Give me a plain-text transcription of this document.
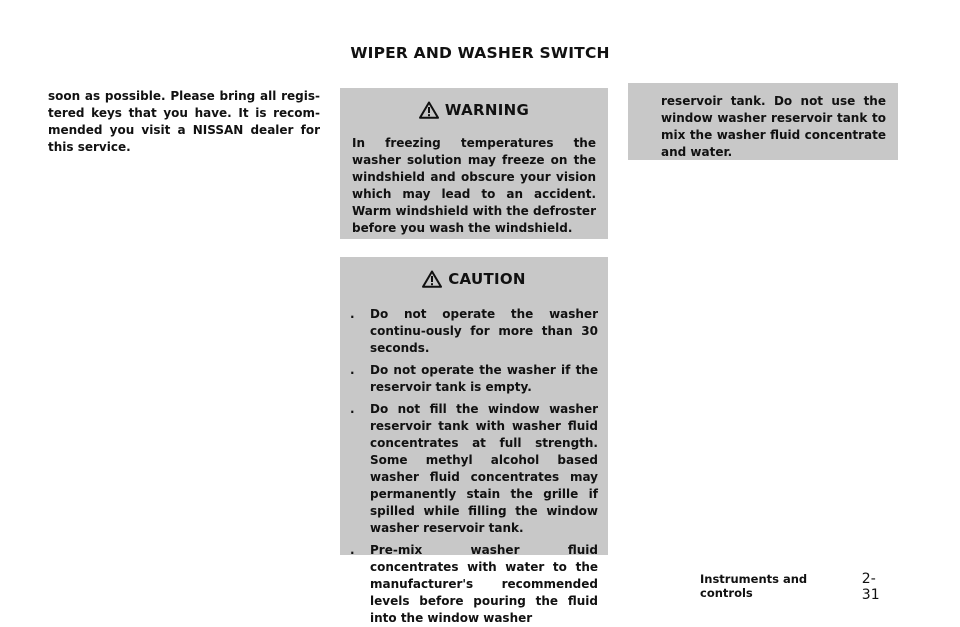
WIPER AND WASHER SWITCH
soon as possible. Please bring all regis-tered keys that you have. It is recom-mended you visit a NISSAN dealer for this service.
WARNING
In freezing temperatures the washer solution may freeze on the windshield and obscure your vision which may lead to an accident. Warm windshield with the defroster before you wash the windshield.
CAUTION
.	Do not operate the washer continu-ously for more than 30 seconds.
.	Do not operate the washer if the reservoir tank is empty.
.	Do not fill the window washer reservoir tank with washer fluid concentrates at full strength. Some methyl alcohol based washer fluid concentrates may permanently stain the grille if spilled while filling the window washer reservoir tank.
.	Pre-mix washer fluid concentrates with water to the manufacturer's recommended levels before pouring the fluid into the window washer
reservoir tank. Do not use the window washer reservoir tank to mix the washer fluid concentrate and water.
Instruments and controls
2-31
